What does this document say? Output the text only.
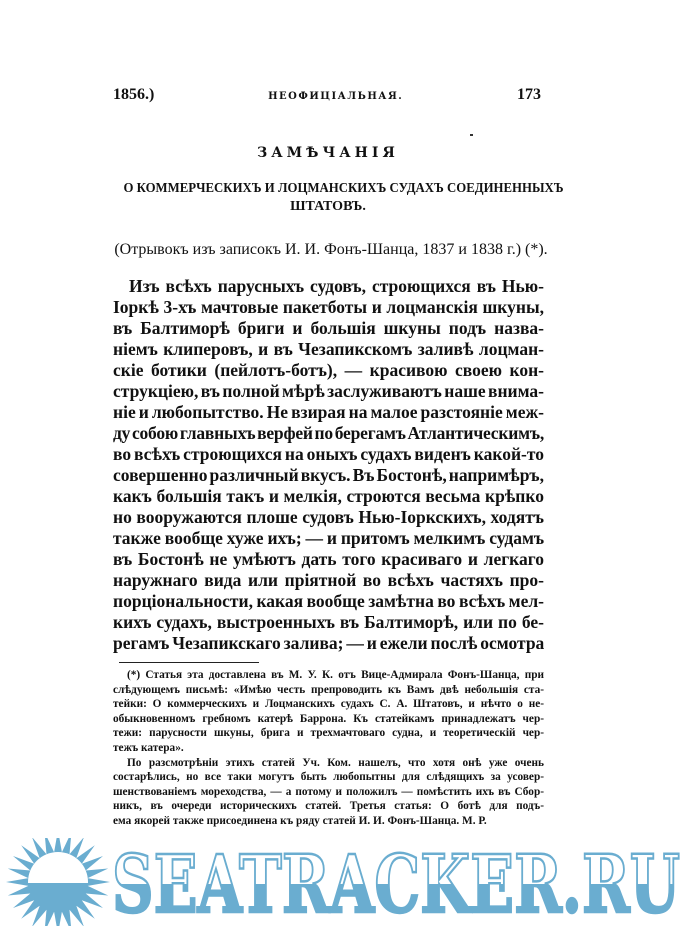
1856.)	НЕОФИЦІАЛЬНАЯ.	173
ЗАМѢЧАНІЯ
О КОММЕРЧЕСКИХЪ И ЛОЦМАНСКИХЪ СУДАХЪ СОЕДИНЕННЫХЪ
ШТАТОВЪ.
(Отрывокъ изъ записокъ И. И. Фонъ-Шанца, 1837 и 1838 г.) (*).
Изъ всѣхъ парусныхъ судовъ, строющихся въ Нью-
Іоркѣ 3-хъ мачтовые пакетботы и лоцманскія шкуны,
въ Балтиморѣ бриги и большія шкуны подъ назва-
ніемъ клиперовъ, и въ Чезапикскомъ заливѣ лоцман-
скіе ботики (пейлотъ-ботъ), — красивою своею кон-
струкціею, въ полной мѣрѣ заслуживаютъ наше внима-
ніе и любопытство. Не взирая на малое разстояніе меж-
ду собою главныхъ верфей по берегамъ Атлантическимъ,
во всѣхъ строющихся на оныхъ судахъ виденъ какой-то
совершенно различный вкусъ. Въ Бостонѣ, напримѣръ,
какъ большія такъ и мелкія, строются весьма крѣпко
но вооружаются плоше судовъ Нью-Іоркскихъ, ходятъ
также вообще хуже ихъ; — и притомъ мелкимъ судамъ
въ Бостонѣ не умѣютъ дать того красиваго и легкаго
наружнаго вида или пріятной во всѣхъ частяхъ про-
порціональности, какая вообще замѣтна во всѣхъ мел-
кихъ судахъ, выстроенныхъ въ Балтиморѣ, или по бе-
регамъ Чезапикскаго залива; — и ежели послѣ осмотра
(*) Статья эта доставлена въ М. У. К. отъ Вице-Адмирала Фонъ-Шанца, при
слѣдующемъ письмѣ: «Имѣю честь препроводить къ Вамъ двѣ небольшія ста-
тейки: О коммерческихъ и Лоцманскихъ судахъ С. А. Штатовъ, и нѣчто о не-
обыкновенномъ гребномъ катерѣ Баррона. Къ статейкамъ принадлежатъ чер-
тежи: парусности шкуны, брига и трехмачтоваго судна, и теоретическій чер-
тежъ катера».
По разсмотрѣніи этихъ статей Уч. Ком. нашелъ, что хотя онѣ уже очень
состарѣлись, но все таки могутъ быть любопытны для слѣдящихъ за усовер-
шенствованіемъ мореходства, — а потому и положилъ — помѣстить ихъ въ Сбор-
никъ, въ очереди историческихъ статей. Третья статья: О ботѣ для подъ-
ема якорей также присоединена къ ряду статей И. И. Фонъ-Шанца. М. Р.
SEATRACKER.RU
